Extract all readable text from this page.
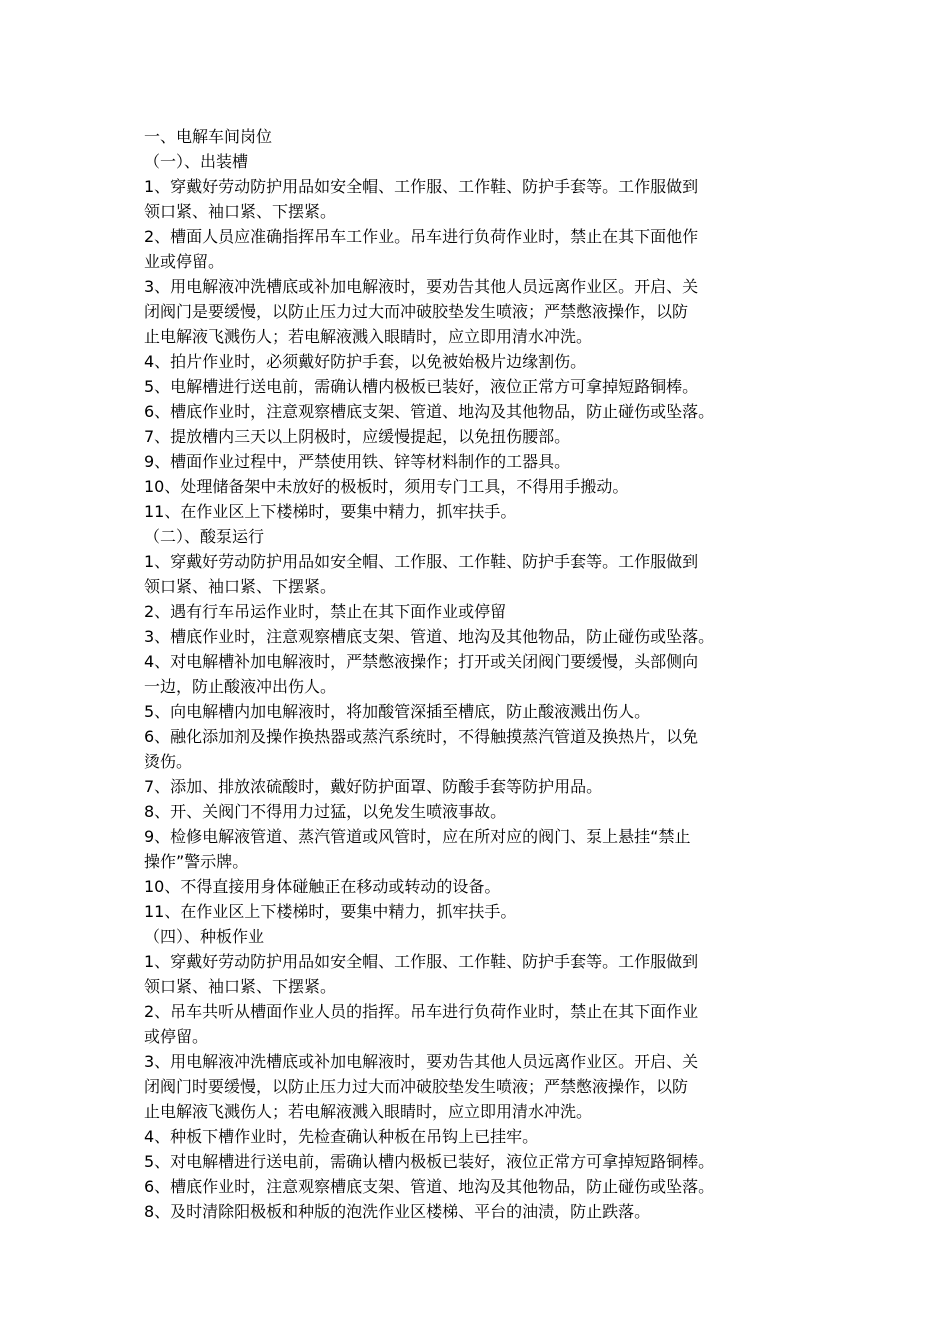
一、电解车间岗位

（一）、出装槽

1、穿戴好劳动防护用品如安全帽、工作服、工作鞋、防护手套等。工作服做到

领口紧、袖口紧、下摆紧。

2、槽面人员应准确指挥吊车工作业。吊车进行负荷作业时，禁止在其下面他作

业或停留。

3、用电解液冲洗槽底或补加电解液时，要劝告其他人员远离作业区。开启、关

闭阀门是要缓慢，以防止压力过大而冲破胶垫发生喷液；严禁憋液操作，以防

止电解液飞溅伤人；若电解液溅入眼睛时，应立即用清水冲洗。

4、拍片作业时，必须戴好防护手套，以免被始极片边缘割伤。

5、电解槽进行送电前，需确认槽内极板已装好，液位正常方可拿掉短路铜棒。

6、槽底作业时，注意观察槽底支架、管道、地沟及其他物品，防止碰伤或坠落。

7、提放槽内三天以上阴极时，应缓慢提起，以免扭伤腰部。

9、槽面作业过程中，严禁使用铁、锌等材料制作的工器具。

10、处理储备架中未放好的极板时，须用专门工具，不得用手搬动。

11、在作业区上下楼梯时，要集中精力，抓牢扶手。

（二）、酸泵运行

1、穿戴好劳动防护用品如安全帽、工作服、工作鞋、防护手套等。工作服做到

领口紧、袖口紧、下摆紧。

2、遇有行车吊运作业时，禁止在其下面作业或停留

3、槽底作业时，注意观察槽底支架、管道、地沟及其他物品，防止碰伤或坠落。

4、对电解槽补加电解液时，严禁憋液操作；打开或关闭阀门要缓慢，头部侧向

一边，防止酸液冲出伤人。

5、向电解槽内加电解液时，将加酸管深插至槽底，防止酸液溅出伤人。

6、融化添加剂及操作换热器或蒸汽系统时，不得触摸蒸汽管道及换热片，以免

烫伤。

7、添加、排放浓硫酸时，戴好防护面罩、防酸手套等防护用品。

8、开、关阀门不得用力过猛，以免发生喷液事故。

9、检修电解液管道、蒸汽管道或风管时，应在所对应的阀门、泵上悬挂“禁止

操作”警示牌。

10、不得直接用身体碰触正在移动或转动的设备。

11、在作业区上下楼梯时，要集中精力，抓牢扶手。

（四）、种板作业

1、穿戴好劳动防护用品如安全帽、工作服、工作鞋、防护手套等。工作服做到

领口紧、袖口紧、下摆紧。

2、吊车共听从槽面作业人员的指挥。吊车进行负荷作业时，禁止在其下面作业

或停留。

3、用电解液冲洗槽底或补加电解液时，要劝告其他人员远离作业区。开启、关

闭阀门时要缓慢，以防止压力过大而冲破胶垫发生喷液；严禁憋液操作，以防

止电解液飞溅伤人；若电解液溅入眼睛时，应立即用清水冲洗。

4、种板下槽作业时，先检查确认种板在吊钩上已挂牢。

5、对电解槽进行送电前，需确认槽内极板已装好，液位正常方可拿掉短路铜棒。

6、槽底作业时，注意观察槽底支架、管道、地沟及其他物品，防止碰伤或坠落。

8、及时清除阳极板和种版的泡洗作业区楼梯、平台的油渍，防止跌落。
